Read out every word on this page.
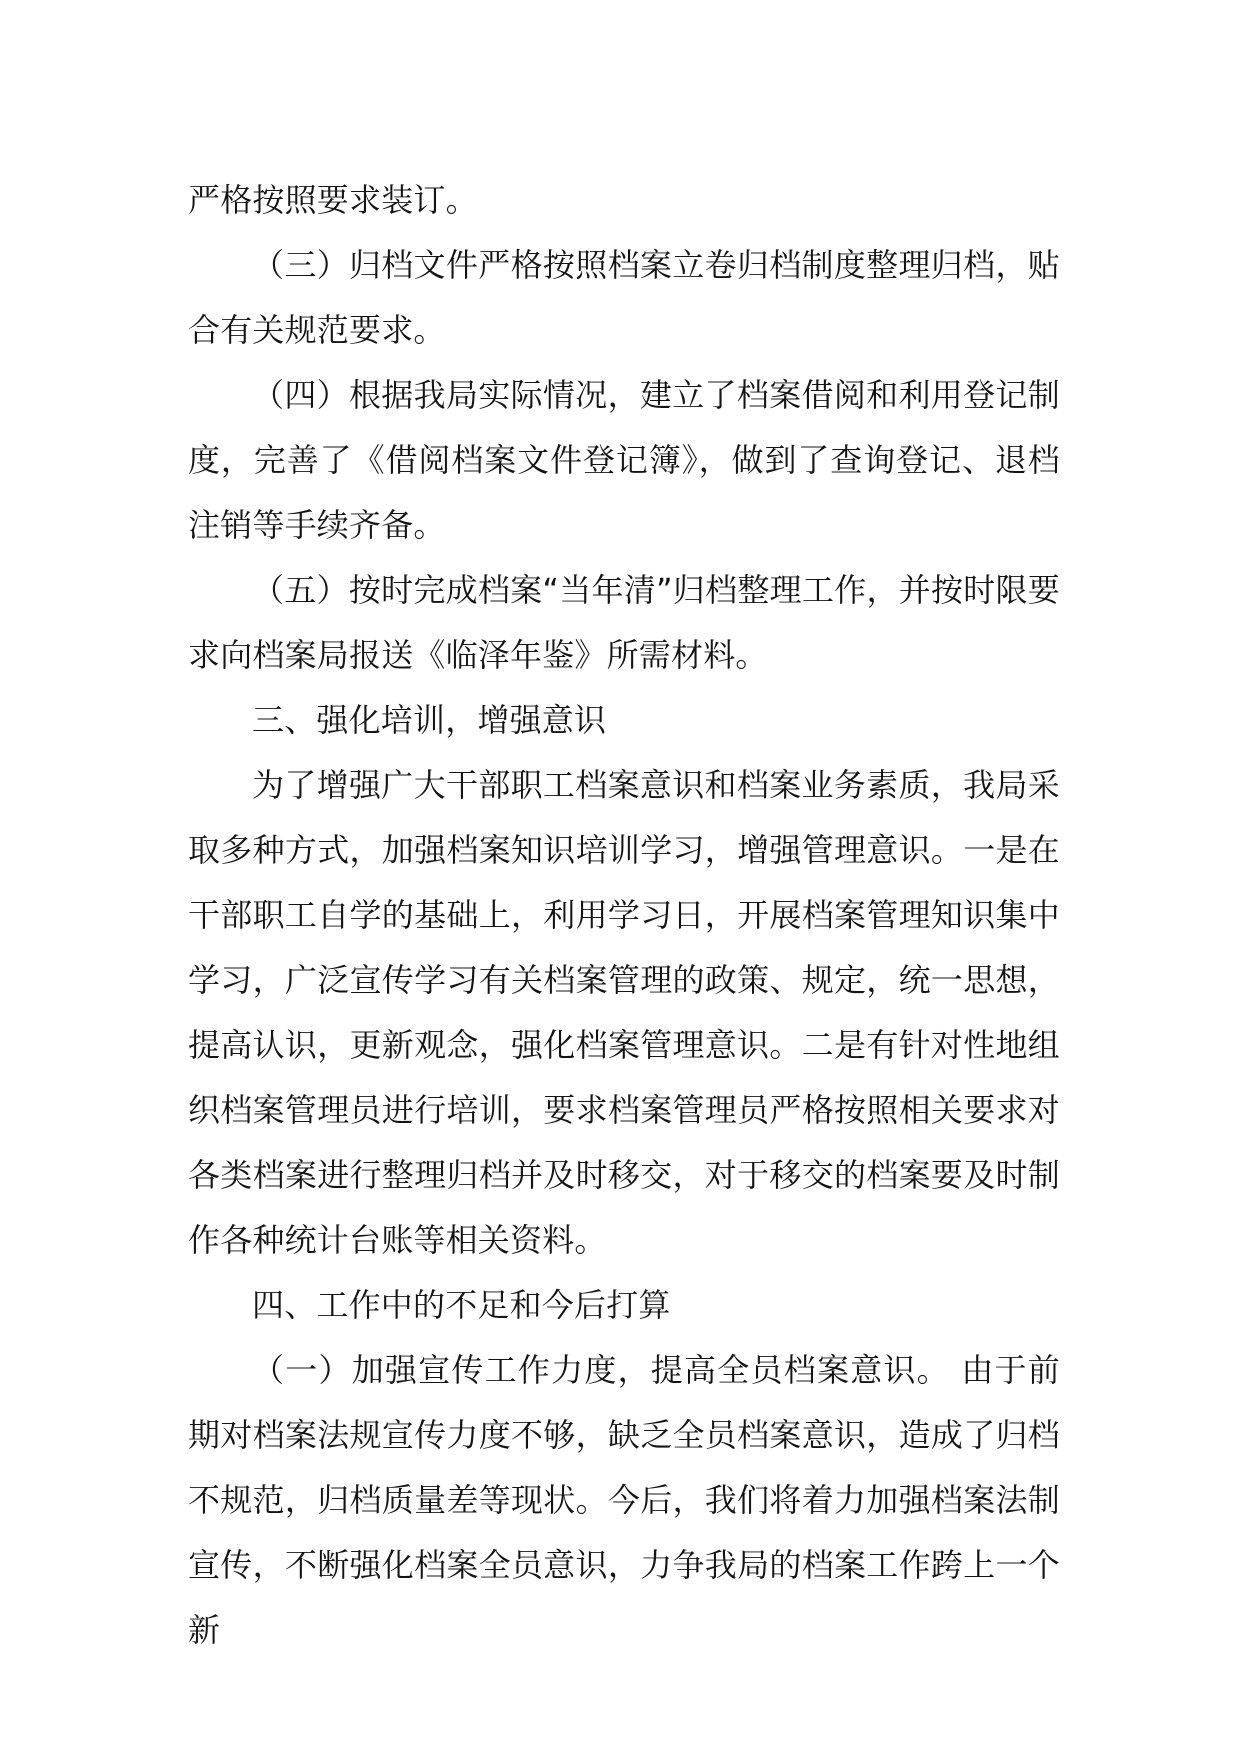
严格按照要求装订。

（三）归档文件严格按照档案立卷归档制度整理归档，贴合有关规范要求。

（四）根据我局实际情况，建立了档案借阅和利用登记制度，完善了《借阅档案文件登记簿》，做到了查询登记、退档注销等手续齐备。

（五）按时完成档案“当年清”归档整理工作，并按时限要求向档案局报送《临泽年鉴》所需材料。

三、强化培训，增强意识

为了增强广大干部职工档案意识和档案业务素质，我局采取多种方式，加强档案知识培训学习，增强管理意识。一是在干部职工自学的基础上，利用学习日，开展档案管理知识集中学习，广泛宣传学习有关档案管理的政策、规定，统一思想，提高认识，更新观念，强化档案管理意识。二是有针对性地组织档案管理员进行培训，要求档案管理员严格按照相关要求对各类档案进行整理归档并及时移交，对于移交的档案要及时制作各种统计台账等相关资料。

四、工作中的不足和今后打算

（一）加强宣传工作力度，提高全员档案意识。 由于前期对档案法规宣传力度不够，缺乏全员档案意识，造成了归档不规范，归档质量差等现状。今后，我们将着力加强档案法制宣传，不断强化档案全员意识，力争我局的档案工作跨上一个新
